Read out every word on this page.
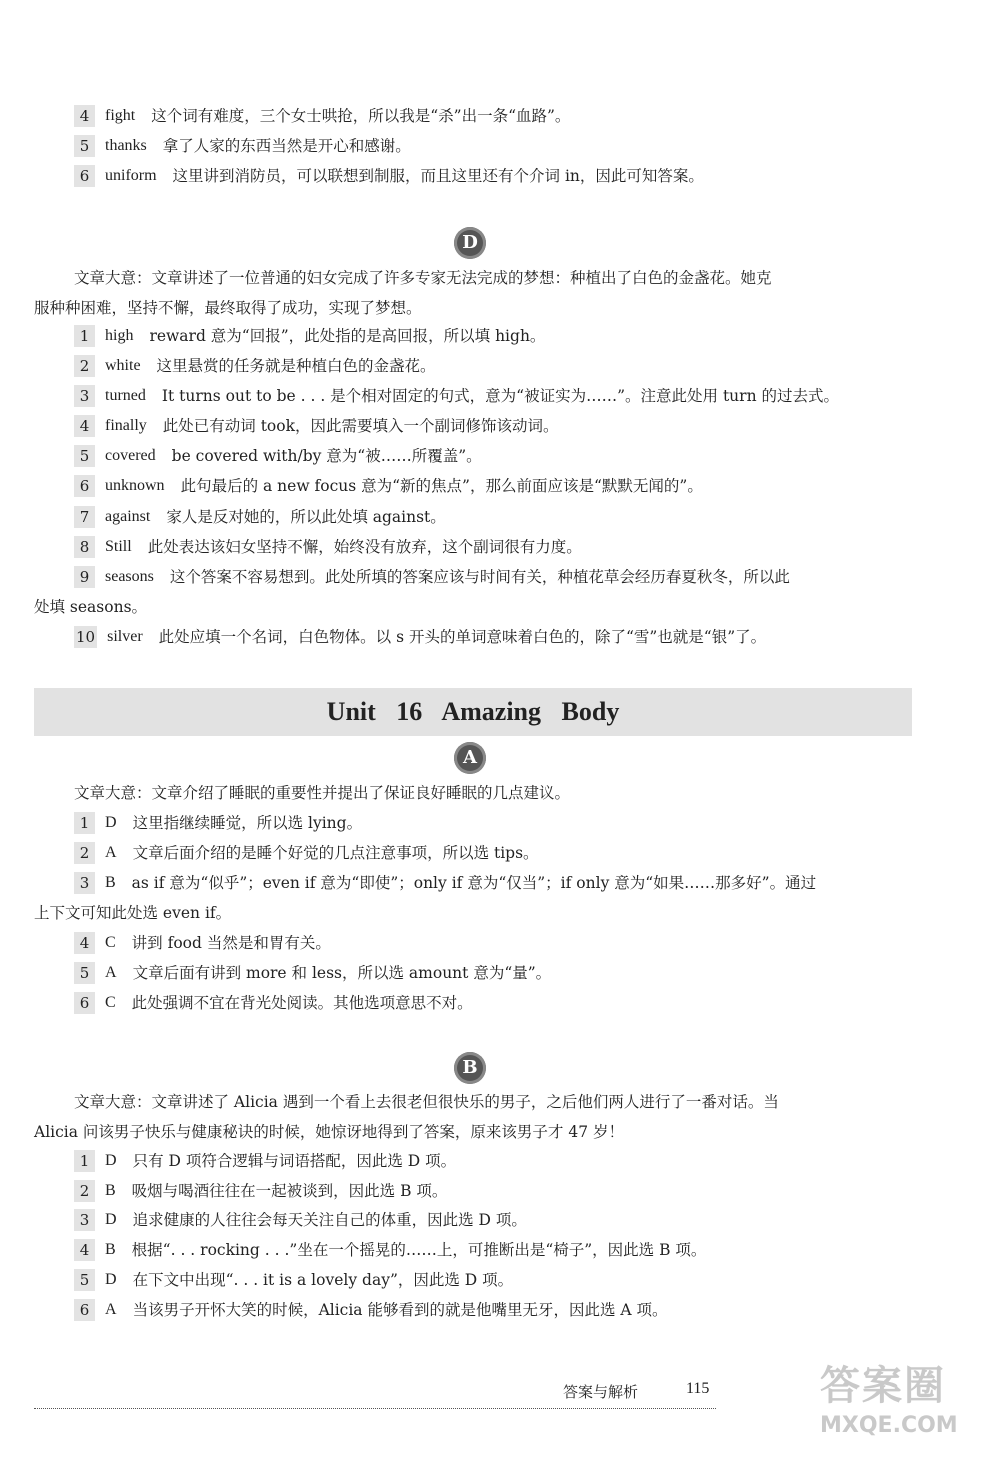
4 fight 这个词有难度，三个女士哄抢，所以我是“杀”出一条“血路”。
5 thanks 拿了人家的东西当然是开心和感谢。
6 uniform 这里讲到消防员，可以联想到制服，而且这里还有个介词 in，因此可知答案。
D
文章大意：文章讲述了一位普通的妇女完成了许多专家无法完成的梦想：种植出了白色的金盏花。她克
服种种困难，坚持不懈，最终取得了成功，实现了梦想。
1 high reward 意为“回报”，此处指的是高回报，所以填 high。
2 white 这里悬赏的任务就是种植白色的金盏花。
3 turned It turns out to be . . . 是个相对固定的句式，意为“被证实为……”。注意此处用 turn 的过去式。
4 finally 此处已有动词 took，因此需要填入一个副词修饰该动词。
5 covered be covered with/by 意为“被……所覆盖”。
6 unknown 此句最后的 a new focus 意为“新的焦点”，那么前面应该是“默默无闻的”。
7 against 家人是反对她的，所以此处填 against。
8 Still 此处表达该妇女坚持不懈，始终没有放弃，这个副词很有力度。
9 seasons 这个答案不容易想到。此处所填的答案应该与时间有关，种植花草会经历春夏秋冬，所以此
处填 seasons。
10 silver 此处应填一个名词，白色物体。以 s 开头的单词意味着白色的，除了“雪”也就是“银”了。
Unit 16 Amazing Body
A
文章大意：文章介绍了睡眠的重要性并提出了保证良好睡眠的几点建议。
1 D 这里指继续睡觉，所以选 lying。
2 A 文章后面介绍的是睡个好觉的几点注意事项，所以选 tips。
3 B as if 意为“似乎”；even if 意为“即使”；only if 意为“仅当”；if only 意为“如果……那多好”。通过
上下文可知此处选 even if。
4 C 讲到 food 当然是和胃有关。
5 A 文章后面有讲到 more 和 less，所以选 amount 意为“量”。
6 C 此处强调不宜在背光处阅读。其他选项意思不对。
B
文章大意：文章讲述了 Alicia 遇到一个看上去很老但很快乐的男子，之后他们两人进行了一番对话。当
Alicia 问该男子快乐与健康秘诀的时候，她惊讶地得到了答案，原来该男子才 47 岁！
1 D 只有 D 项符合逻辑与词语搭配，因此选 D 项。
2 B 吸烟与喝酒往往在一起被谈到，因此选 B 项。
3 D 追求健康的人往往会每天关注自己的体重，因此选 D 项。
4 B 根据“. . . rocking . . .”坐在一个摇晃的……上，可推断出是“椅子”，因此选 B 项。
5 D 在下文中出现“. . . it is a lovely day”，因此选 D 项。
6 A 当该男子开怀大笑的时候，Alicia 能够看到的就是他嘴里无牙，因此选 A 项。
答案与解析	115	答案圈
MXQE.COM
